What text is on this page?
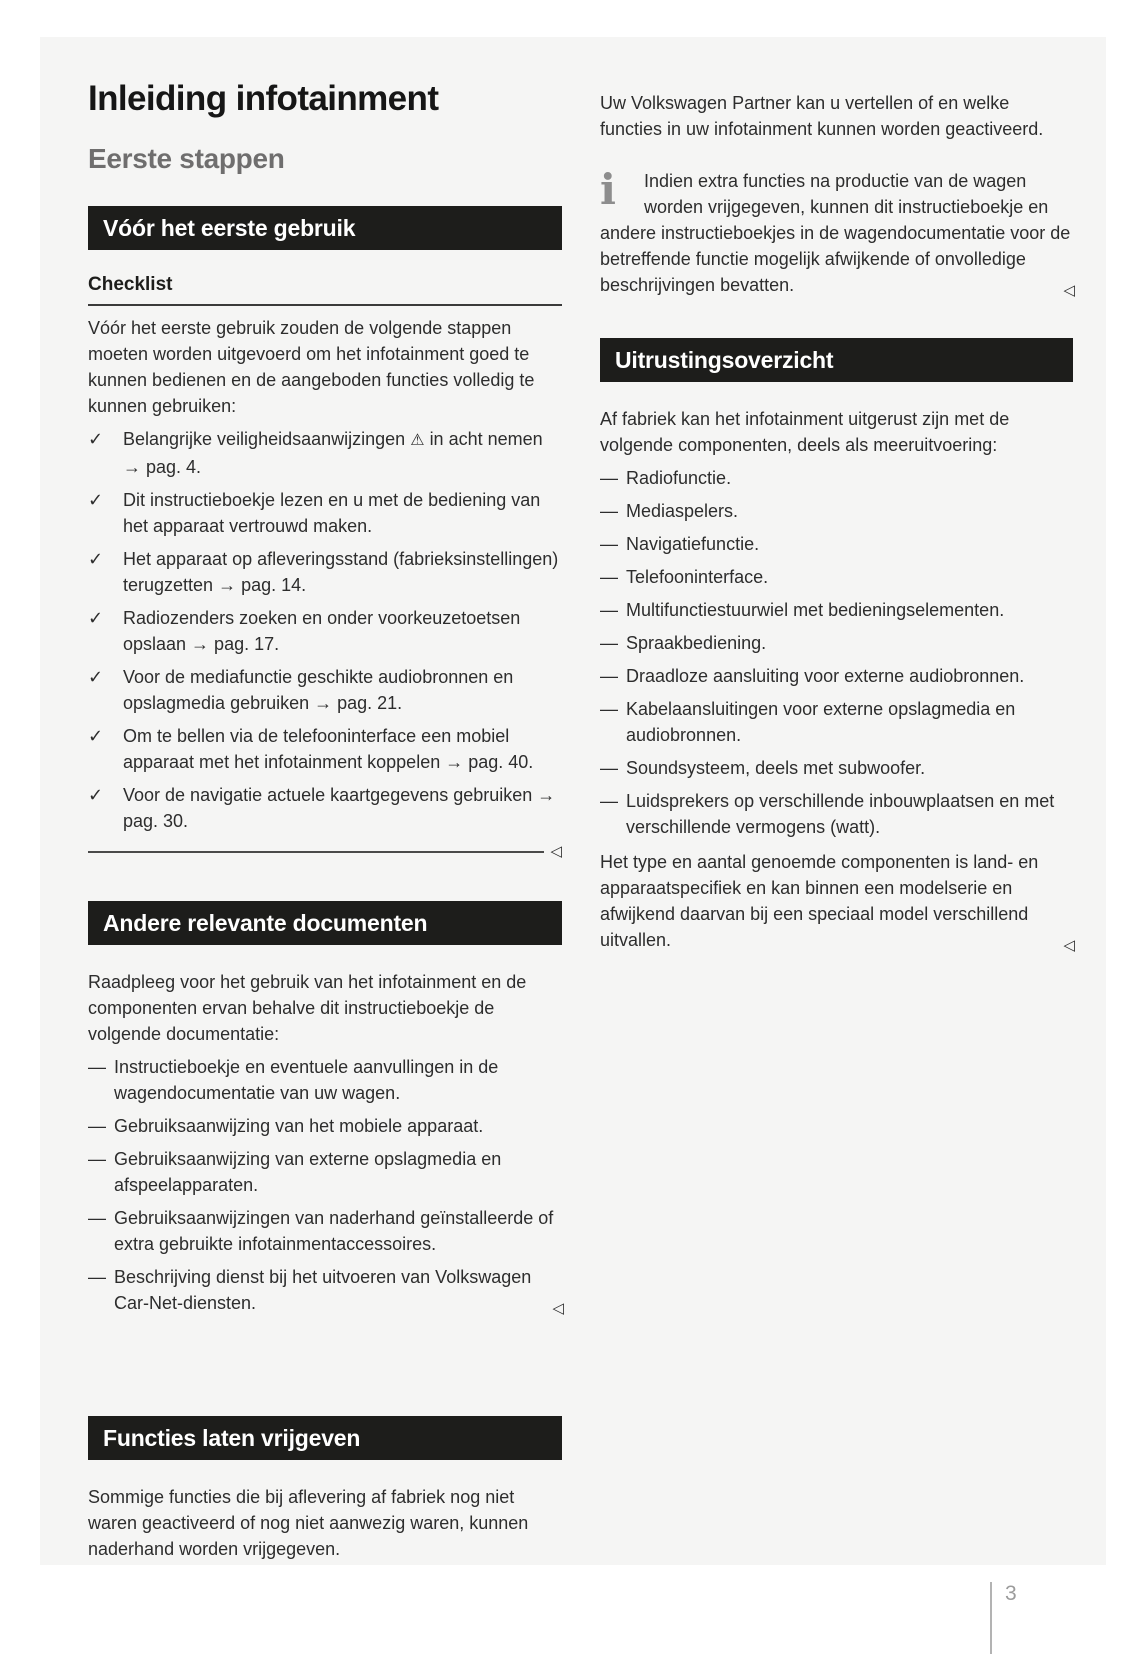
Inleiding infotainment
Eerste stappen
Vóór het eerste gebruik
Checklist

Vóór het eerste gebruik zouden de volgende stappen moeten worden uitgevoerd om het infotainment goed te kunnen bedienen en de aangeboden functies volledig te kunnen gebruiken:

✓	Belangrijke veiligheidsaanwijzingen ⚠ in acht nemen → pag. 4.
✓	Dit instructieboekje lezen en u met de bediening van het apparaat vertrouwd maken.
✓	Het apparaat op afleveringsstand (fabrieksinstellingen) terugzetten → pag. 14.
✓	Radiozenders zoeken en onder voorkeuzetoetsen opslaan → pag. 17.
✓	Voor de mediafunctie geschikte audiobronnen en opslagmedia gebruiken → pag. 21.
✓	Om te bellen via de telefooninterface een mobiel apparaat met het infotainment koppelen → pag. 40.
✓	Voor de navigatie actuele kaartgegevens gebruiken → pag. 30.
◁
Andere relevante documenten

Raadpleeg voor het gebruik van het infotainment en de componenten ervan behalve dit instructieboekje de volgende documentatie:

— Instructieboekje en eventuele aanvullingen in de wagendocumentatie van uw wagen.
— Gebruiksaanwijzing van het mobiele apparaat.
— Gebruiksaanwijzing van externe opslagmedia en afspeelapparaten.
— Gebruiksaanwijzingen van naderhand geïnstalleerde of extra gebruikte infotainmentaccessoires.
— Beschrijving dienst bij het uitvoeren van Volkswagen Car-Net-diensten.	◁
Functies laten vrijgeven

Sommige functies die bij aflevering af fabriek nog niet waren geactiveerd of nog niet aanwezig waren, kunnen naderhand worden vrijgegeven.

Uw Volkswagen Partner kan u vertellen of en welke functies in uw infotainment kunnen worden geactiveerd.

i	Indien extra functies na productie van de wagen worden vrijgegeven, kunnen dit instructieboekje en andere instructieboekjes in de wagendocumentatie voor de betreffende functie mogelijk afwijkende of onvolledige beschrijvingen bevatten.	◁
Uitrustingsoverzicht

Af fabriek kan het infotainment uitgerust zijn met de volgende componenten, deels als meeruitvoering:

— Radiofunctie.
— Mediaspelers.
— Navigatiefunctie.
— Telefooninterface.
— Multifunctiestuurwiel met bedieningselementen.
— Spraakbediening.
— Draadloze aansluiting voor externe audiobronnen.
— Kabelaansluitingen voor externe opslagmedia en audiobronnen.
— Soundsysteem, deels met subwoofer.
— Luidsprekers op verschillende inbouwplaatsen en met verschillende vermogens (watt).

Het type en aantal genoemde componenten is land- en apparaatspecifiek en kan binnen een modelserie en afwijkend daarvan bij een speciaal model verschillend uitvallen.	◁

3
